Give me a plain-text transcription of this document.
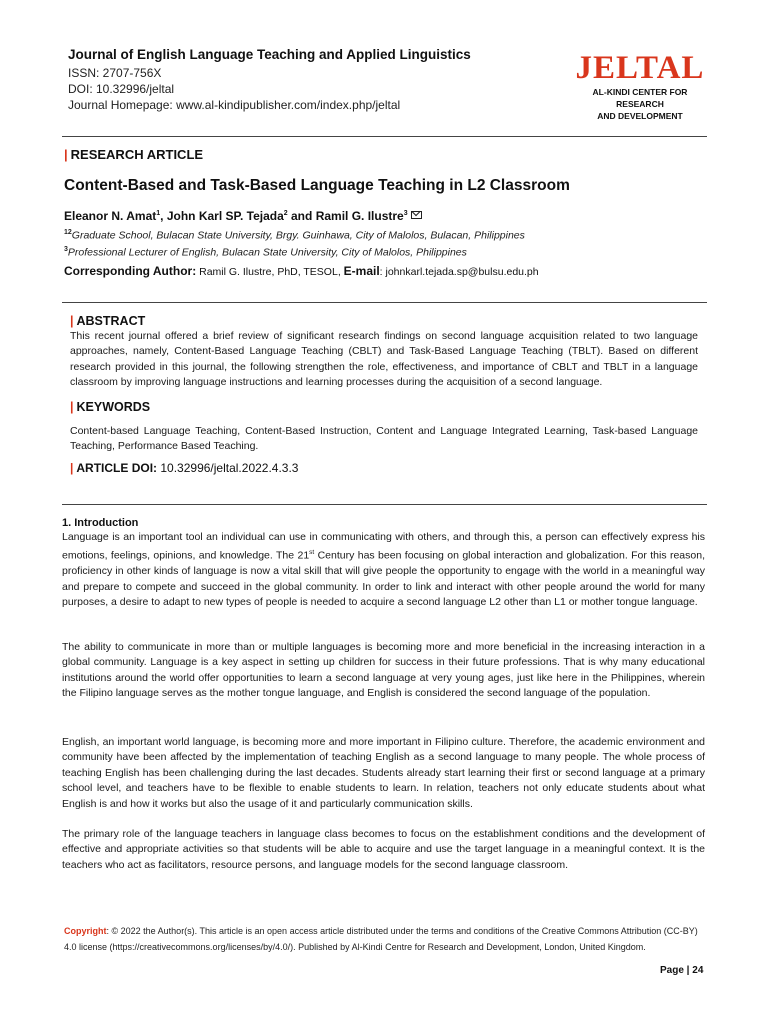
Journal of English Language Teaching and Applied Linguistics
ISSN: 2707-756X
DOI: 10.32996/jeltal
Journal Homepage: www.al-kindipublisher.com/index.php/jeltal
JELTAL
AL-KINDI CENTER FOR RESEARCH
AND DEVELOPMENT
| RESEARCH ARTICLE
Content-Based and Task-Based Language Teaching in L2 Classroom
Eleanor N. Amat$^1$, John Karl SP. Tejada$^2$ and Ramil G. Ilustre$^3$
$^{12}$Graduate School, Bulacan State University, Brgy. Guinhawa, City of Malolos, Bulacan, Philippines
$^3$Professional Lecturer of English, Bulacan State University, City of Malolos, Philippines
Corresponding Author: Ramil G. Ilustre, PhD, TESOL, E-mail: johnkarl.tejada.sp@bulsu.edu.ph
| ABSTRACT
This recent journal offered a brief review of significant research findings on second language acquisition related to two language approaches, namely, Content-Based Language Teaching (CBLT) and Task-Based Language Teaching (TBLT). Based on different research provided in this journal, the following strengthen the role, effectiveness, and importance of CBLT and TBLT in a language classroom by improving language instructions and learning processes during the acquisition of a second language.
| KEYWORDS
Content-based Language Teaching, Content-Based Instruction, Content and Language Integrated Learning, Task-based Language Teaching, Performance Based Teaching.
| ARTICLE DOI: 10.32996/jeltal.2022.4.3.3
1. Introduction
Language is an important tool an individual can use in communicating with others, and through this, a person can effectively express his emotions, feelings, opinions, and knowledge. The 21st Century has been focusing on global interaction and globalization. For this reason, proficiency in other kinds of language is now a vital skill that will give people the opportunity to engage with the world in a meaningful way and prepare to compete and succeed in the global community. In order to link and interact with other people around the world for many purposes, a desire to adapt to new types of people is needed to acquire a second language L2 other than L1 or mother tongue language.
The ability to communicate in more than or multiple languages is becoming more and more beneficial in the increasing interaction in a global community. Language is a key aspect in setting up children for success in their future professions. That is why many educational institutions around the world offer opportunities to learn a second language at very young ages, just like here in the Philippines, wherein the Filipino language serves as the mother tongue language, and English is considered the second language of the population.
English, an important world language, is becoming more and more important in Filipino culture. Therefore, the academic environment and community have been affected by the implementation of teaching English as a second language to many people. The whole process of teaching English has been challenging during the last decades. Students already start learning their first or second language at a primary school level, and teachers have to be flexible to enable students to learn. In relation, teachers not only educate students about what English is and how it works but also the usage of it and particularly communication skills.
The primary role of the language teachers in language class becomes to focus on the establishment conditions and the development of effective and appropriate activities so that students will be able to acquire and use the target language in a meaningful context. It is the teachers who act as facilitators, resource persons, and language models for the second language classroom.
Copyright: © 2022 the Author(s). This article is an open access article distributed under the terms and conditions of the Creative Commons Attribution (CC-BY) 4.0 license (https://creativecommons.org/licenses/by/4.0/). Published by Al-Kindi Centre for Research and Development, London, United Kingdom.
Page | 24
